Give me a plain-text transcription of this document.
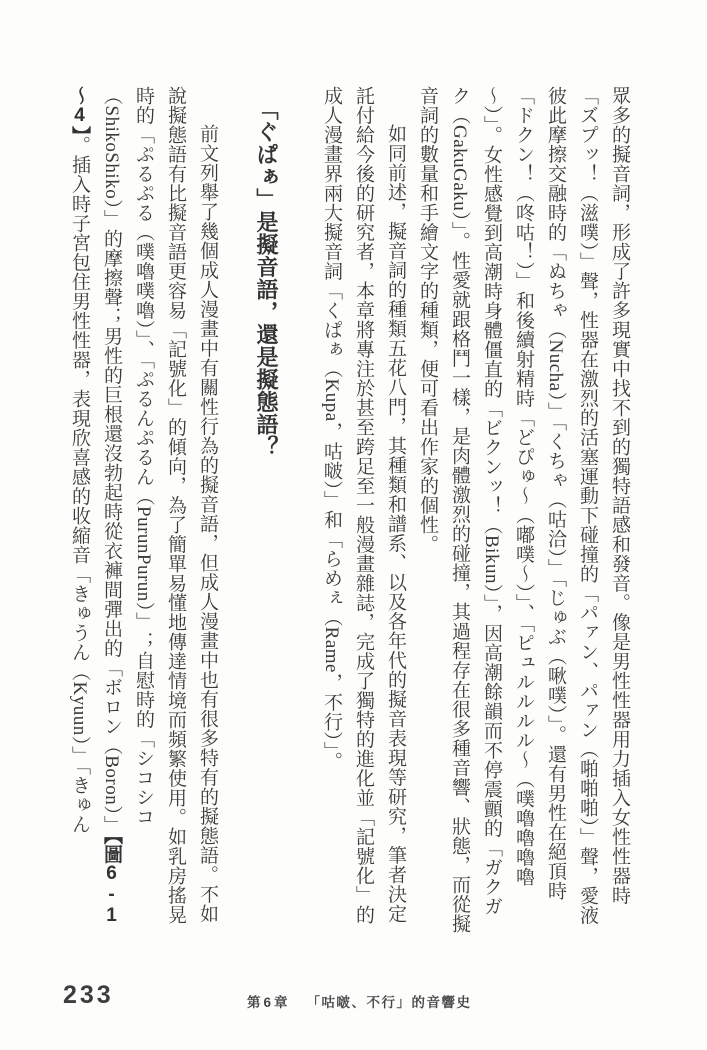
眾多的擬音詞，形成了許多現實中找不到的獨特語感和發音。像是男性性器用力插入女性性器時「ズプッ！（滋噗）」聲，性器在激烈的活塞運動下碰撞的「パァン、パァン（啪啪啪）」聲，愛液彼此摩擦交融時的「ぬちゃ（Nucha）」「くちゃ（咕洽）」「じゅぶ（啾噗）」。還有男性在絕頂時「ドクン！（咚咕！）」和後續射精時「どぴゅ～（嘟噗～）」、「ピュルルルル～（噗嚕嚕嚕嚕～）」。女性感覺到高潮時身體僵直的「ビクンッ！（Bikun）」，因高潮餘韻而不停震顫的「ガクガク（GakuGaku）」。性愛就跟格鬥一樣，是肉體激烈的碰撞，其過程存在很多種音響、狀態，而從擬音詞的數量和手繪文字的種類，便可看出作家的個性。

如同前述，擬音詞的種類五花八門，其種類和譜系、以及各年代的擬音表現等研究，筆者決定託付給今後的研究者，本章將專注於甚至跨足至一般漫畫雜誌，完成了獨特的進化並「記號化」的成人漫畫界兩大擬音詞「くぱぁ（Kupa，咕啵）」和「らめぇ（Rame，不行）」。

「ぐぱぁ」是擬音語，還是擬態語？

前文列舉了幾個成人漫畫中有關性行為的擬音語，但成人漫畫中也有很多特有的擬態語。不如說擬態語有比擬音語更容易「記號化」的傾向，為了簡單易懂地傳達情境而頻繁使用。如乳房搖晃時的「ぷるぷる（噗嚕噗嚕）」、「ぷるんぷるん（PurunPurun）」；自慰時的「シコシコ（ShikoShiko）」的摩擦聲；男性的巨根還沒勃起時從衣褲間彈出的「ボロン（Boron）」【圖6-1～4】。插入時子宮包住男性性器，表現欣喜感的收縮音「きゅうん（Kyuun）」「きゅん

233	第6章 「咕啵、不行」的音響史
